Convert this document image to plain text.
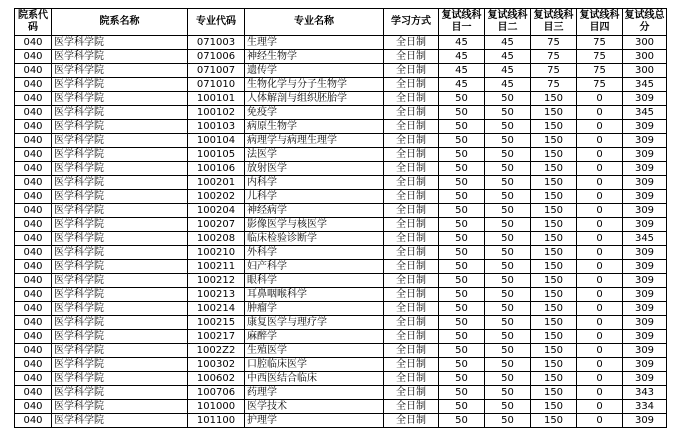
院系代码	院系名称	专业代码	专业名称	学习方式	复试线科目一	复试线科目二	复试线科目三	复试线科目四	复试线总分
040	医学科学院	071003	生理学	全日制	45	45	75	75	300
040	医学科学院	071006	神经生物学	全日制	45	45	75	75	300
040	医学科学院	071007	遗传学	全日制	45	45	75	75	300
040	医学科学院	071010	生物化学与分子生物学	全日制	45	45	75	75	345
040	医学科学院	100101	人体解剖与组织胚胎学	全日制	50	50	150	0	309
040	医学科学院	100102	免疫学	全日制	50	50	150	0	345
040	医学科学院	100103	病原生物学	全日制	50	50	150	0	309
040	医学科学院	100104	病理学与病理生理学	全日制	50	50	150	0	309
040	医学科学院	100105	法医学	全日制	50	50	150	0	309
040	医学科学院	100106	放射医学	全日制	50	50	150	0	309
040	医学科学院	100201	内科学	全日制	50	50	150	0	309
040	医学科学院	100202	儿科学	全日制	50	50	150	0	309
040	医学科学院	100204	神经病学	全日制	50	50	150	0	309
040	医学科学院	100207	影像医学与核医学	全日制	50	50	150	0	309
040	医学科学院	100208	临床检验诊断学	全日制	50	50	150	0	345
040	医学科学院	100210	外科学	全日制	50	50	150	0	309
040	医学科学院	100211	妇产科学	全日制	50	50	150	0	309
040	医学科学院	100212	眼科学	全日制	50	50	150	0	309
040	医学科学院	100213	耳鼻咽喉科学	全日制	50	50	150	0	309
040	医学科学院	100214	肿瘤学	全日制	50	50	150	0	309
040	医学科学院	100215	康复医学与理疗学	全日制	50	50	150	0	309
040	医学科学院	100217	麻醉学	全日制	50	50	150	0	309
040	医学科学院	1002Z2	生殖医学	全日制	50	50	150	0	309
040	医学科学院	100302	口腔临床医学	全日制	50	50	150	0	309
040	医学科学院	100602	中西医结合临床	全日制	50	50	150	0	309
040	医学科学院	100706	药理学	全日制	50	50	150	0	343
040	医学科学院	101000	医学技术	全日制	50	50	150	0	334
040	医学科学院	101100	护理学	全日制	50	50	150	0	309
